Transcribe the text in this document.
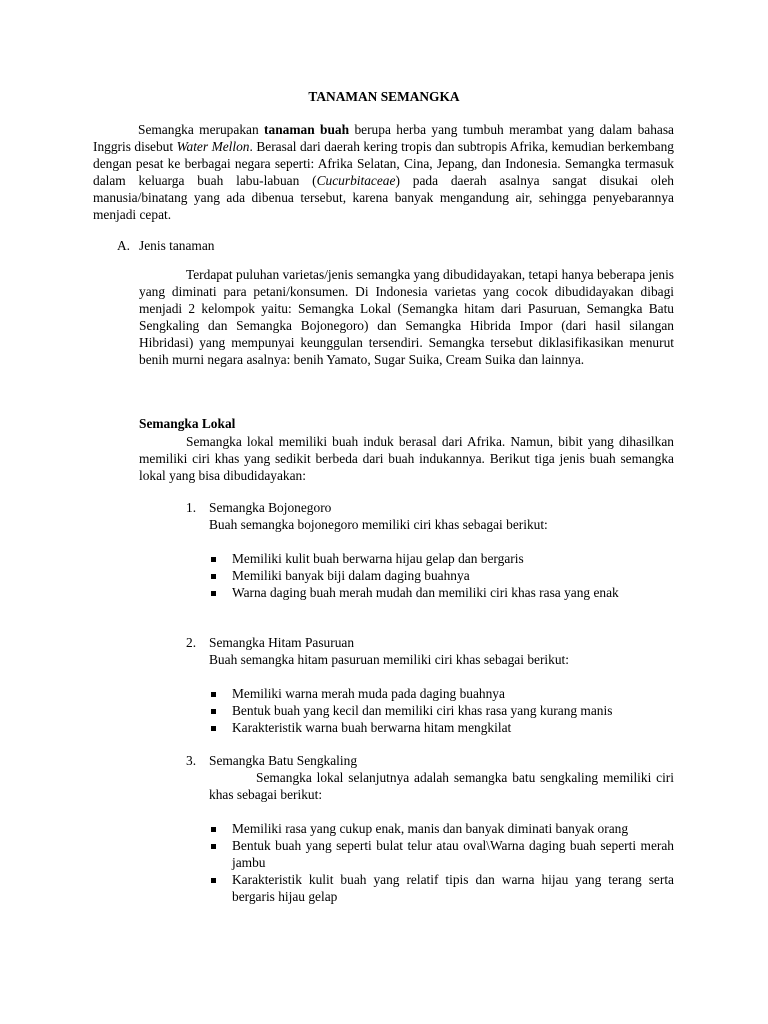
TANAMAN SEMANGKA

Semangka merupakan tanaman buah berupa herba yang tumbuh merambat yang dalam bahasa Inggris disebut Water Mellon. Berasal dari daerah kering tropis dan subtropis Afrika, kemudian berkembang dengan pesat ke berbagai negara seperti: Afrika Selatan, Cina, Jepang, dan Indonesia. Semangka termasuk dalam keluarga buah labu-labuan (Cucurbitaceae) pada daerah asalnya sangat disukai oleh manusia/binatang yang ada dibenua tersebut, karena banyak mengandung air, sehingga penyebarannya menjadi cepat.

A. Jenis tanaman

Terdapat puluhan varietas/jenis semangka yang dibudidayakan, tetapi hanya beberapa jenis yang diminati para petani/konsumen. Di Indonesia varietas yang cocok dibudidayakan dibagi menjadi 2 kelompok yaitu: Semangka Lokal (Semangka hitam dari Pasuruan, Semangka Batu Sengkaling dan Semangka Bojonegoro) dan Semangka Hibrida Impor (dari hasil silangan Hibridasi) yang mempunyai keunggulan tersendiri. Semangka tersebut diklasifikasikan menurut benih murni negara asalnya: benih Yamato, Sugar Suika, Cream Suika dan lainnya.

Semangka Lokal

Semangka lokal memiliki buah induk berasal dari Afrika. Namun, bibit yang dihasilkan memiliki ciri khas yang sedikit berbeda dari buah indukannya. Berikut tiga jenis buah semangka lokal yang bisa dibudidayakan:

1. Semangka Bojonegoro

Buah semangka bojonegoro memiliki ciri khas sebagai berikut:

Memiliki kulit buah berwarna hijau gelap dan bergaris
Memiliki banyak biji dalam daging buahnya
Warna daging buah merah mudah dan memiliki ciri khas rasa yang enak
2. Semangka Hitam Pasuruan

Buah semangka hitam pasuruan memiliki ciri khas sebagai berikut:

Memiliki warna merah muda pada daging buahnya
Bentuk buah yang kecil dan memiliki ciri khas rasa yang kurang manis
Karakteristik warna buah berwarna hitam mengkilat
3. Semangka Batu Sengkaling

Semangka lokal selanjutnya adalah semangka batu sengkaling memiliki ciri khas sebagai berikut:

Memiliki rasa yang cukup enak, manis dan banyak diminati banyak orang
Bentuk buah yang seperti bulat telur atau oval\Warna daging buah seperti merah jambu
Karakteristik kulit buah yang relatif tipis dan warna hijau yang terang serta bergaris hijau gelap
